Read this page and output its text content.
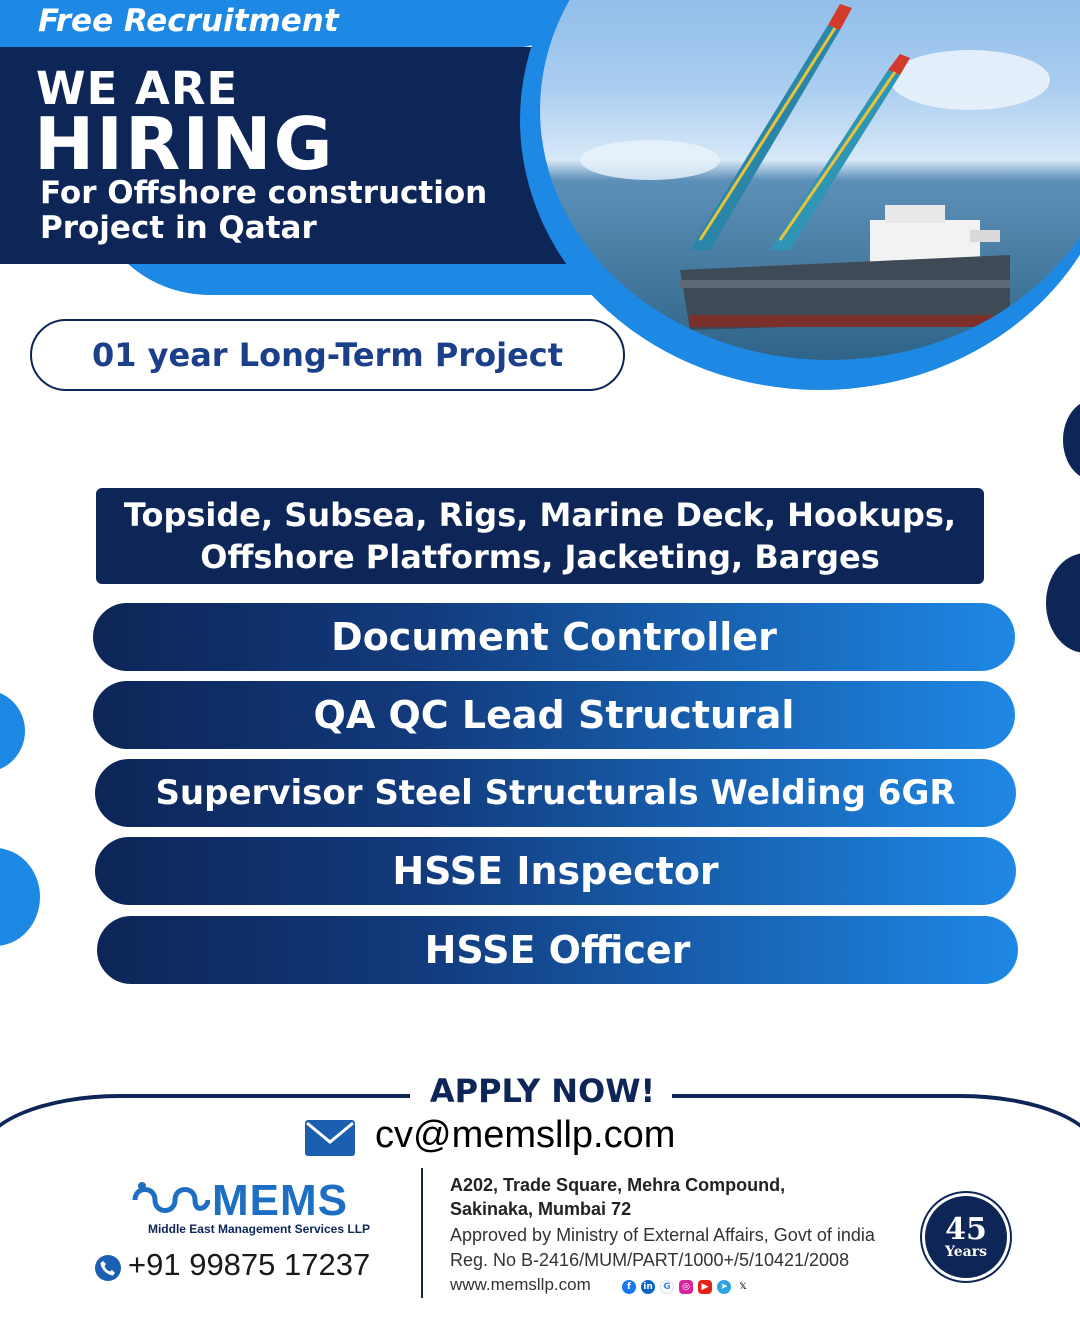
Free Recruitment
WE ARE
HIRING
For Offshore construction
Project in Qatar
01 year Long-Term Project
Topside, Subsea, Rigs, Marine Deck, Hookups,
Offshore Platforms, Jacketing, Barges
Document Controller
QA QC Lead Structural
Supervisor Steel Structurals Welding 6GR
HSSE Inspector
HSSE Officer
APPLY NOW!
cv@memsllp.com
MEMS
Middle East Management Services LLP
+91 99875 17237
A202, Trade Square, Mehra Compound,
Sakinaka, Mumbai 72
Approved by Ministry of External Affairs, Govt of india
Reg. No B-2416/MUM/PART/1000+/5/10421/2008
www.memsllp.com	f	in	G	◎	▶	➤	𝕏
45
Years
